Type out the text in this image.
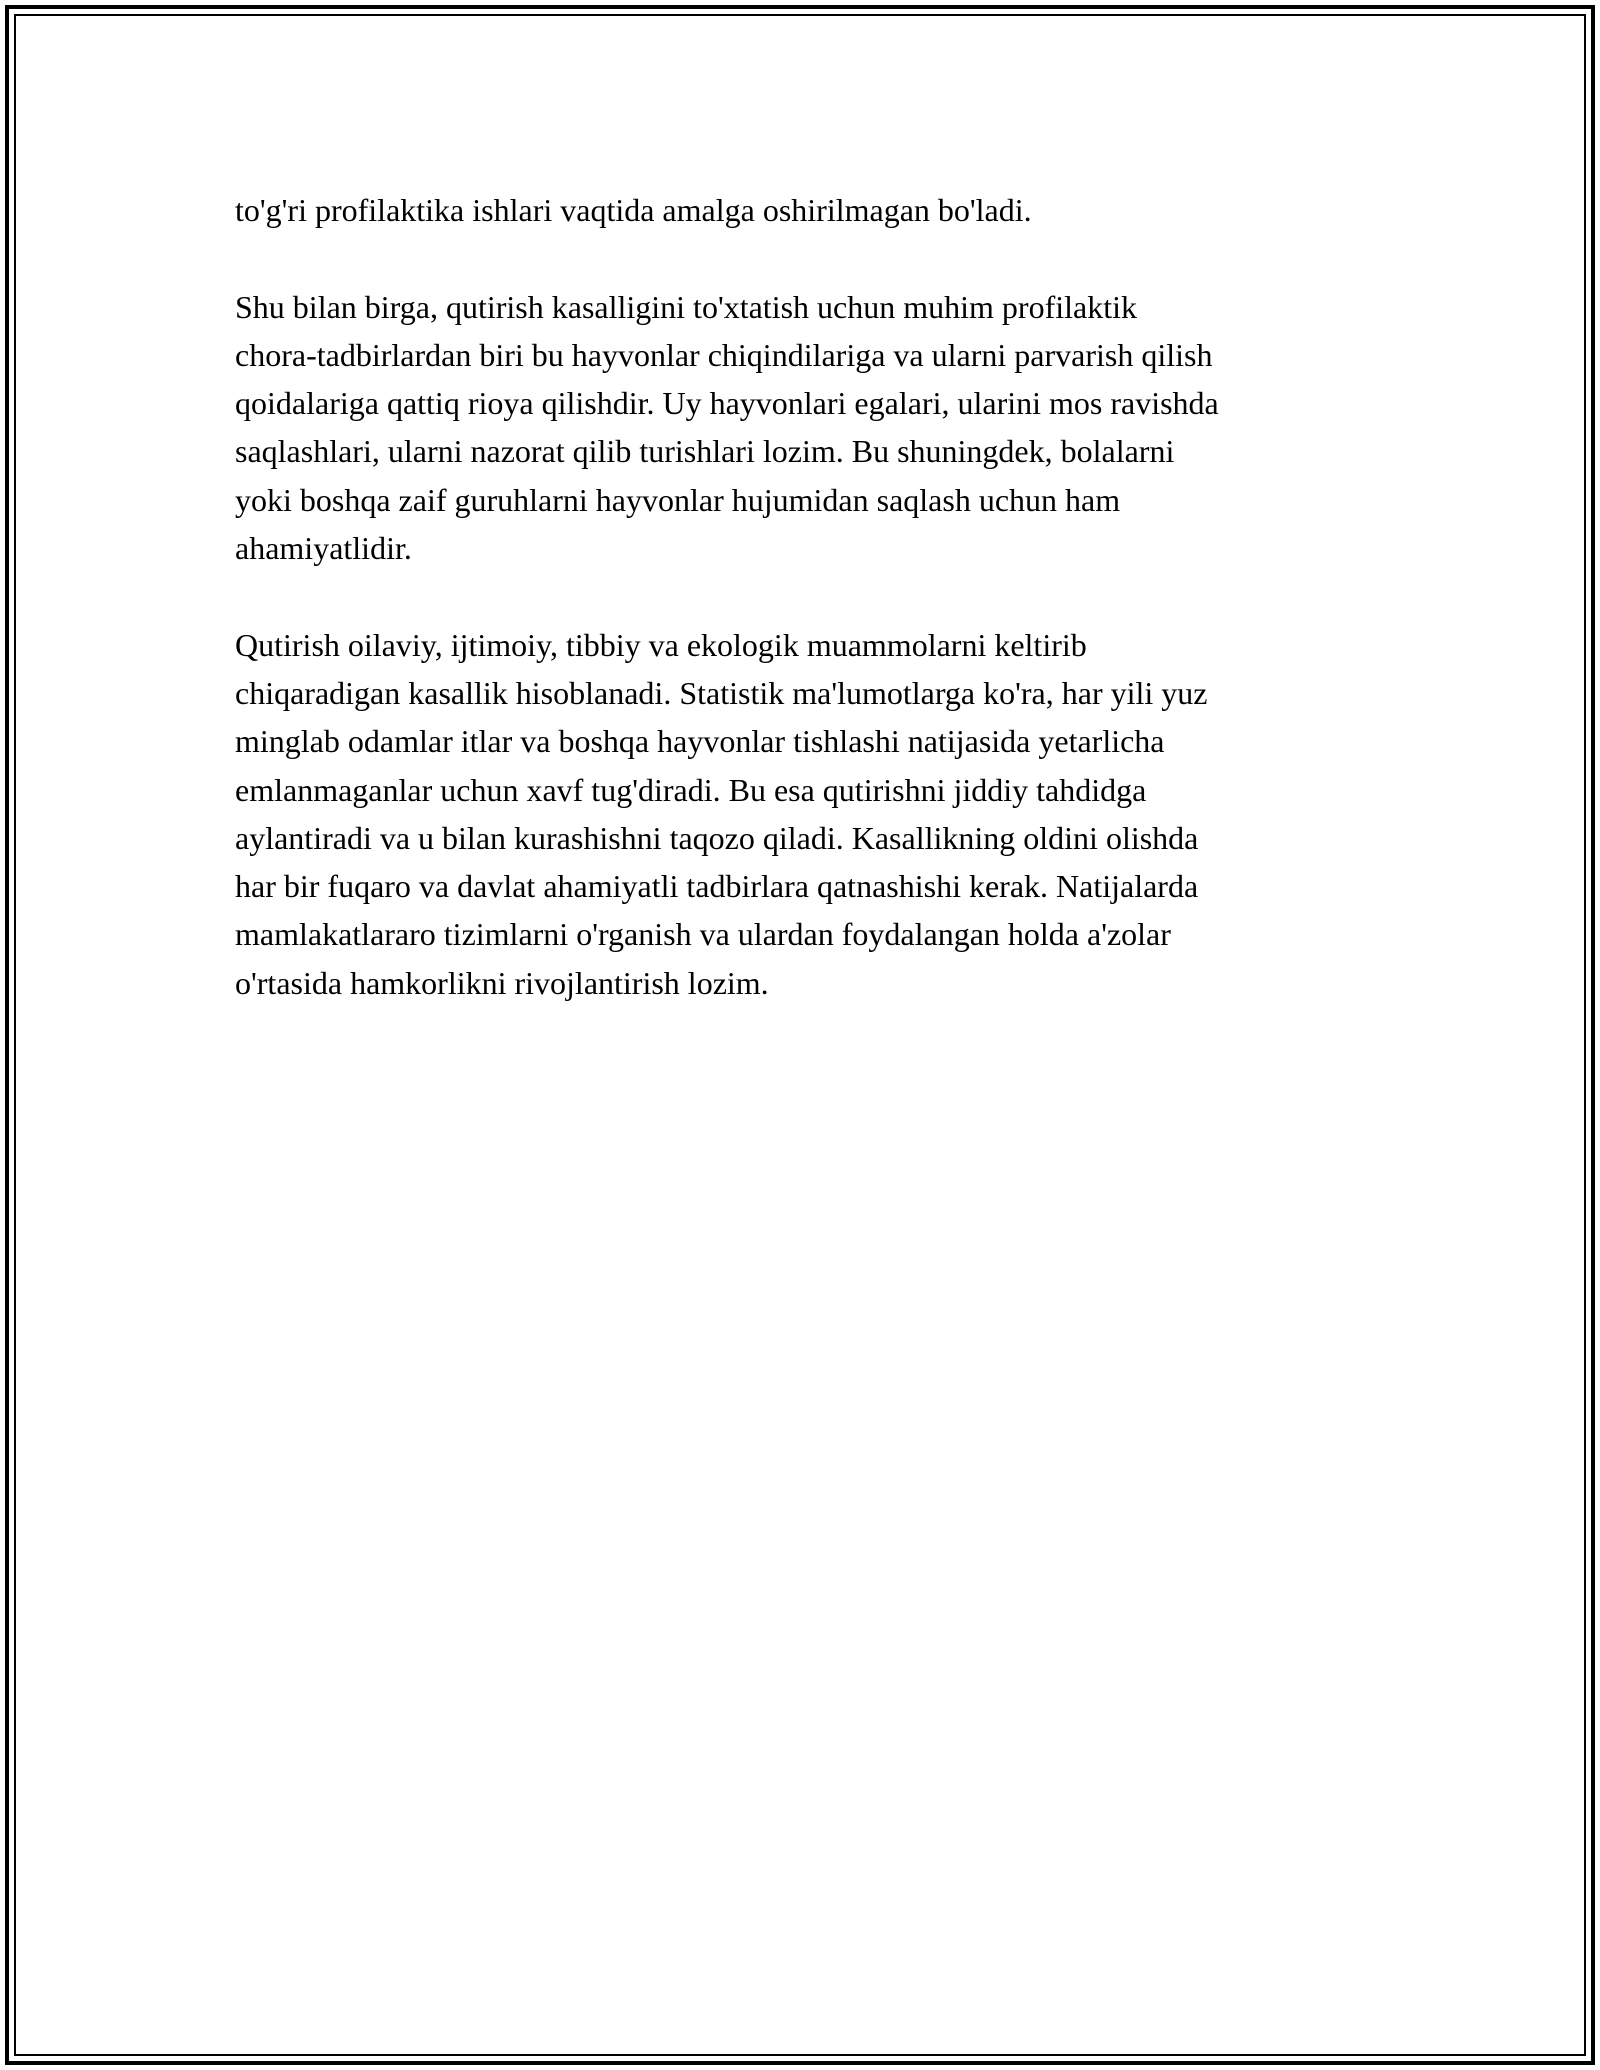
to'g'ri profilaktika ishlari vaqtida amalga oshirilmagan bo'ladi.

Shu bilan birga, qutirish kasalligini to'xtatish uchun muhim profilaktik
chora-tadbirlardan biri bu hayvonlar chiqindilariga va ularni parvarish qilish
qoidalariga qattiq rioya qilishdir. Uy hayvonlari egalari, ularini mos ravishda
saqlashlari, ularni nazorat qilib turishlari lozim. Bu shuningdek, bolalarni
yoki boshqa zaif guruhlarni hayvonlar hujumidan saqlash uchun ham
ahamiyatlidir.

Qutirish oilaviy, ijtimoiy, tibbiy va ekologik muammolarni keltirib
chiqaradigan kasallik hisoblanadi. Statistik ma'lumotlarga ko'ra, har yili yuz
minglab odamlar itlar va boshqa hayvonlar tishlashi natijasida yetarlicha
emlanmaganlar uchun xavf tug'diradi. Bu esa qutirishni jiddiy tahdidga
aylantiradi va u bilan kurashishni taqozo qiladi. Kasallikning oldini olishda
har bir fuqaro va davlat ahamiyatli tadbirlara qatnashishi kerak. Natijalarda
mamlakatlararo tizimlarni o'rganish va ulardan foydalangan holda a'zolar
o'rtasida hamkorlikni rivojlantirish lozim.
